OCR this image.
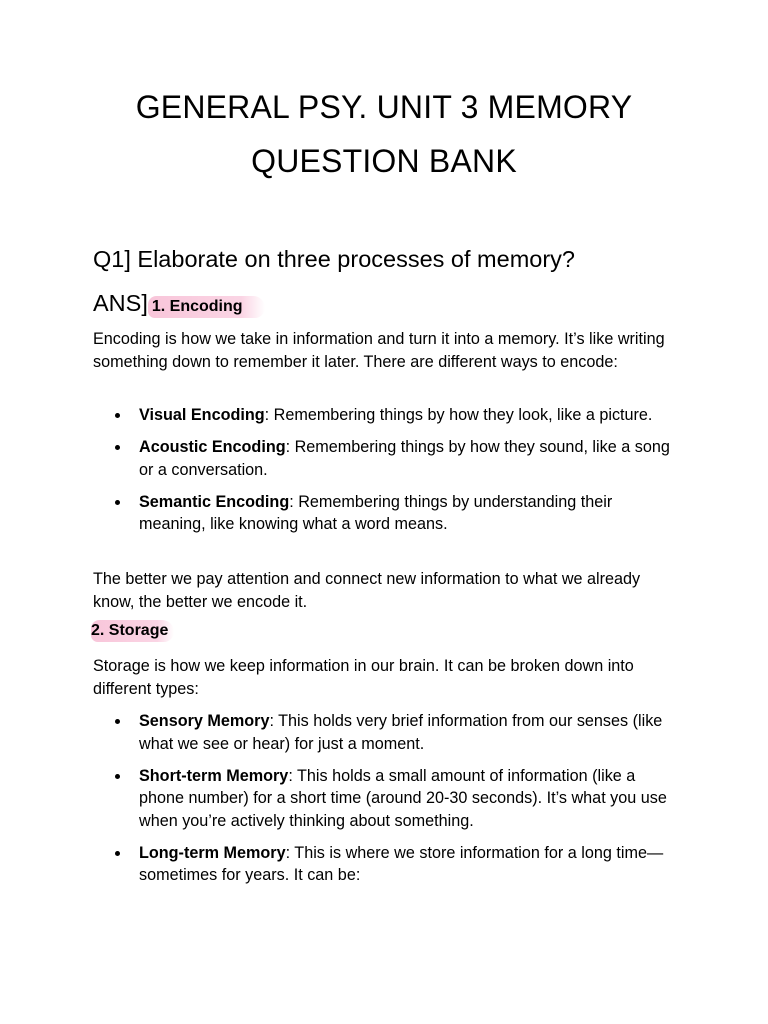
GENERAL PSY. UNIT 3 MEMORY
QUESTION BANK
Q1] Elaborate on three processes of memory?
ANS] 1. Encoding

Encoding is how we take in information and turn it into a memory. It’s like writing something down to remember it later. There are different ways to encode:

Visual Encoding: Remembering things by how they look, like a picture.
Acoustic Encoding: Remembering things by how they sound, like a song or a conversation.
Semantic Encoding: Remembering things by understanding their meaning, like knowing what a word means.

The better we pay attention and connect new information to what we already know, the better we encode it.

2. Storage

Storage is how we keep information in our brain. It can be broken down into different types:

Sensory Memory: This holds very brief information from our senses (like what we see or hear) for just a moment.
Short-term Memory: This holds a small amount of information (like a phone number) for a short time (around 20-30 seconds). It’s what you use when you’re actively thinking about something.
Long-term Memory: This is where we store information for a long time—sometimes for years. It can be:
